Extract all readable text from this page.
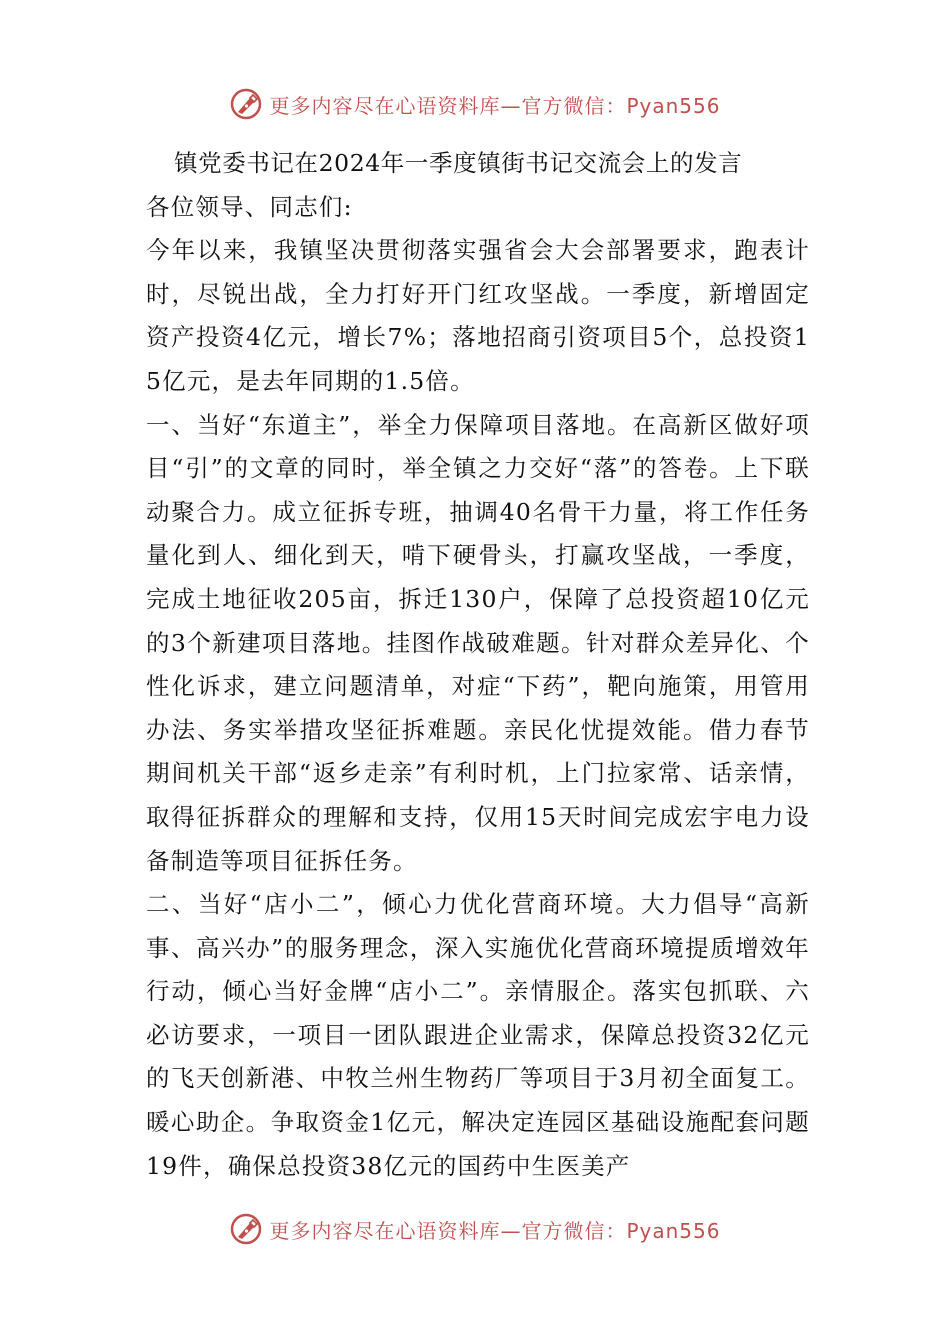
更多内容尽在心语资料库—官方微信：Pyan556

镇党委书记在2024年一季度镇街书记交流会上的发言

各位领导、同志们:

今年以来，我镇坚决贯彻落实强省会大会部署要求，跑表计时，尽锐出战，全力打好开门红攻坚战。一季度，新增固定资产投资4亿元，增长7%；落地招商引资项目5个，总投资15亿元，是去年同期的1.5倍。

一、当好“东道主”，举全力保障项目落地。在高新区做好项目“引”的文章的同时，举全镇之力交好“落”的答卷。上下联动聚合力。成立征拆专班，抽调40名骨干力量，将工作任务量化到人、细化到天，啃下硬骨头，打赢攻坚战，一季度，完成土地征收205亩，拆迁130户，保障了总投资超10亿元的3个新建项目落地。挂图作战破难题。针对群众差异化、个性化诉求，建立问题清单，对症“下药”，靶向施策，用管用办法、务实举措攻坚征拆难题。亲民化忧提效能。借力春节期间机关干部“返乡走亲”有利时机，上门拉家常、话亲情，取得征拆群众的理解和支持，仅用15天时间完成宏宇电力设备制造等项目征拆任务。

二、当好“店小二”，倾心力优化营商环境。大力倡导“高新事、高兴办”的服务理念，深入实施优化营商环境提质增效年行动，倾心当好金牌“店小二”。亲情服企。落实包抓联、六必访要求，一项目一团队跟进企业需求，保障总投资32亿元的飞天创新港、中牧兰州生物药厂等项目于3月初全面复工。暖心助企。争取资金1亿元，解决定连园区基础设施配套问题19件，确保总投资38亿元的国药中生医美产

更多内容尽在心语资料库—官方微信：Pyan556
